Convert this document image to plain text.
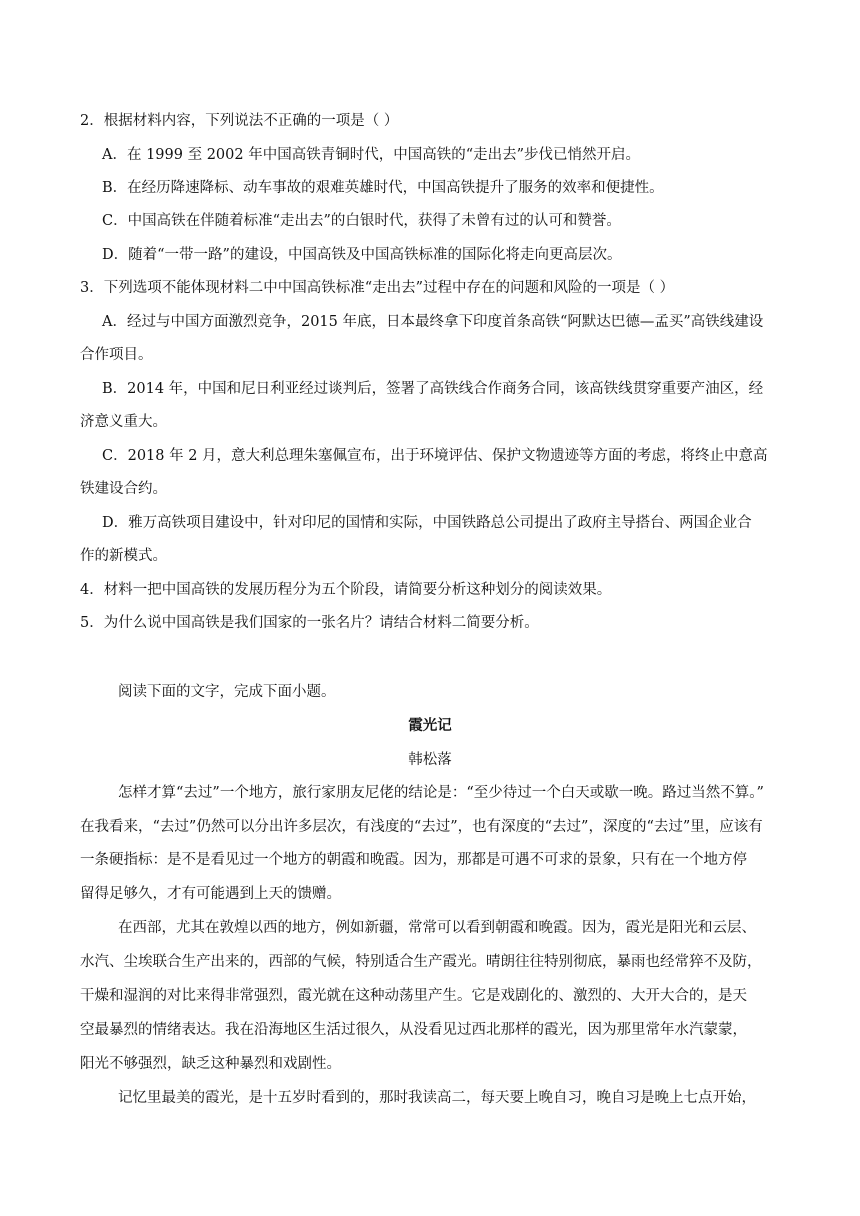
2．根据材料内容，下列说法不正确的一项是（ ）
A．在 1999 至 2002 年中国高铁青铜时代，中国高铁的“走出去”步伐已悄然开启。
B．在经历降速降标、动车事故的艰难英雄时代，中国高铁提升了服务的效率和便捷性。
C．中国高铁在伴随着标准“走出去”的白银时代，获得了未曾有过的认可和赞誉。
D．随着“一带一路”的建设，中国高铁及中国高铁标准的国际化将走向更高层次。
3．下列选项不能体现材料二中中国高铁标准“走出去”过程中存在的问题和风险的一项是（ ）
A．经过与中国方面激烈竞争，2015 年底，日本最终拿下印度首条高铁“阿默达巴德—孟买”高铁线建设
合作项目。
B．2014 年，中国和尼日利亚经过谈判后，签署了高铁线合作商务合同，该高铁线贯穿重要产油区，经
济意义重大。
C．2018 年 2 月，意大利总理朱塞佩宣布，出于环境评估、保护文物遗迹等方面的考虑，将终止中意高
铁建设合约。
D．雅万高铁项目建设中，针对印尼的国情和实际，中国铁路总公司提出了政府主导搭台、两国企业合
作的新模式。
4．材料一把中国高铁的发展历程分为五个阶段，请简要分析这种划分的阅读效果。
5．为什么说中国高铁是我们国家的一张名片？请结合材料二简要分析。
阅读下面的文字，完成下面小题。
霞光记
韩松落
怎样才算“去过”一个地方，旅行家朋友尼佬的结论是：“至少待过一个白天或歇一晚。路过当然不算。”
在我看来，“去过”仍然可以分出许多层次，有浅度的“去过”，也有深度的“去过”，深度的“去过”里，应该有
一条硬指标：是不是看见过一个地方的朝霞和晚霞。因为，那都是可遇不可求的景象，只有在一个地方停
留得足够久，才有可能遇到上天的馈赠。
在西部，尤其在敦煌以西的地方，例如新疆，常常可以看到朝霞和晚霞。因为，霞光是阳光和云层、
水汽、尘埃联合生产出来的，西部的气候，特别适合生产霞光。晴朗往往特别彻底，暴雨也经常猝不及防，
干燥和湿润的对比来得非常强烈，霞光就在这种动荡里产生。它是戏剧化的、激烈的、大开大合的，是天
空最暴烈的情绪表达。我在沿海地区生活过很久，从没看见过西北那样的霞光，因为那里常年水汽蒙蒙，
阳光不够强烈，缺乏这种暴烈和戏剧性。
记忆里最美的霞光，是十五岁时看到的，那时我读高二，每天要上晚自习，晚自习是晚上七点开始，
